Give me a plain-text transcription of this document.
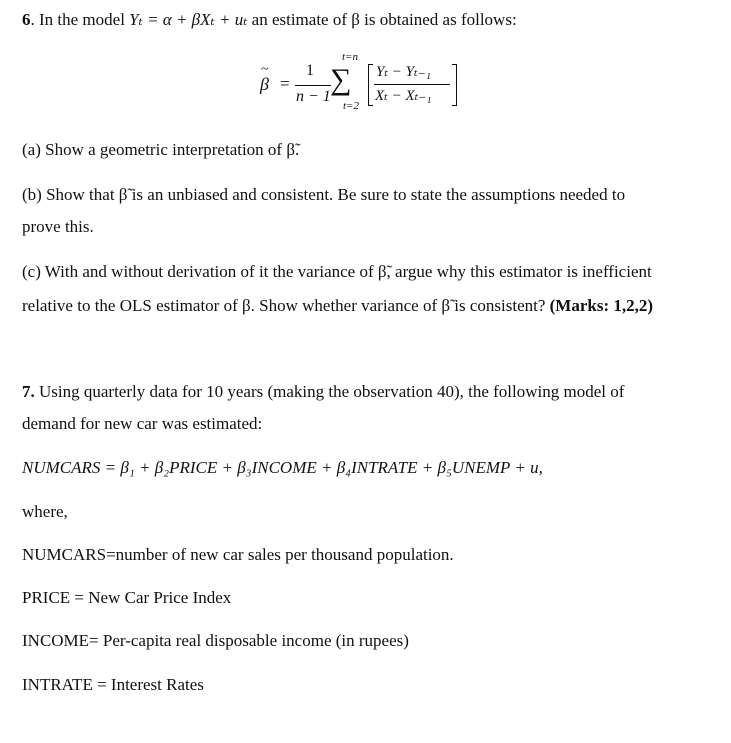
6. In the model Yₜ = α + βXₜ + uₜ an estimate of β is obtained as follows:
~ β =
1
n − 1
t=n
∑
t=2
Yₜ − Yₜ₋₁
Xₜ − Xₜ₋₁
(a) Show a geometric interpretation of β̃.
(b) Show that β̃ is an unbiased and consistent. Be sure to state the assumptions needed to
prove this.
(c) With and without derivation of it the variance of β̃, argue why this estimator is inefficient
relative to the OLS estimator of β. Show whether variance of β̃ is consistent? (Marks: 1,2,2)
7. Using quarterly data for 10 years (making the observation 40), the following model of
demand for new car was estimated:
NUMCARS = β₁ + β₂PRICE + β₃INCOME + β₄INTRATE + β₅UNEMP + u,
where,
NUMCARS=number of new car sales per thousand population.
PRICE = New Car Price Index
INCOME= Per-capita real disposable income (in rupees)
INTRATE = Interest Rates
